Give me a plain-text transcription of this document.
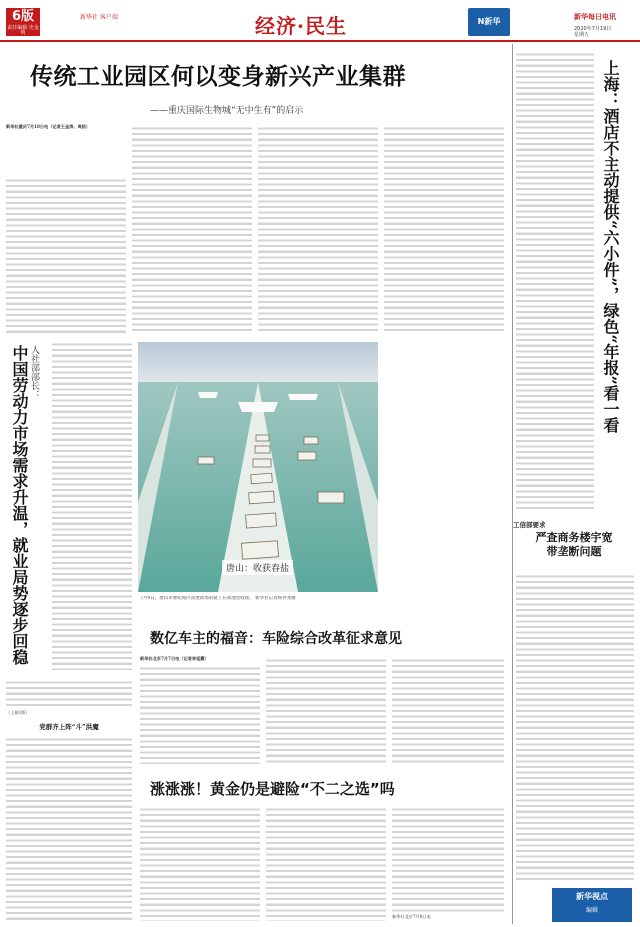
6版
责任编辑 史金明
新华社 客户端	经济·民生	N新华	新华每日电讯
2020年7月19日
星期五
传统工业园区何以变身新兴产业集群
——重庆国际生物城“无中生有”的启示
新华社重庆7月18日电（记者王金涛、周凯）
人社部部长：
中国劳动力市场需求升温，就业局势逐步回稳
（上接1版）
党群齐上阵“斗”洪魔
唐山：收获春盐
7月9日，唐山市曹妃甸区南堡盐场的盐工在盐池里收盐。 新华社记者杨世尧摄
数亿车主的福音：车险综合改革征求意见
新华社北京7月7日电（记者李延霞）
涨涨涨！黄金仍是避险“不二之选”吗
新华社北京7月8日电
上海：酒店不主动提供“六小件”，绿色“年报”看一看
工信部要求
严查商务楼宇宽带垄断问题
新华视点
编辑
